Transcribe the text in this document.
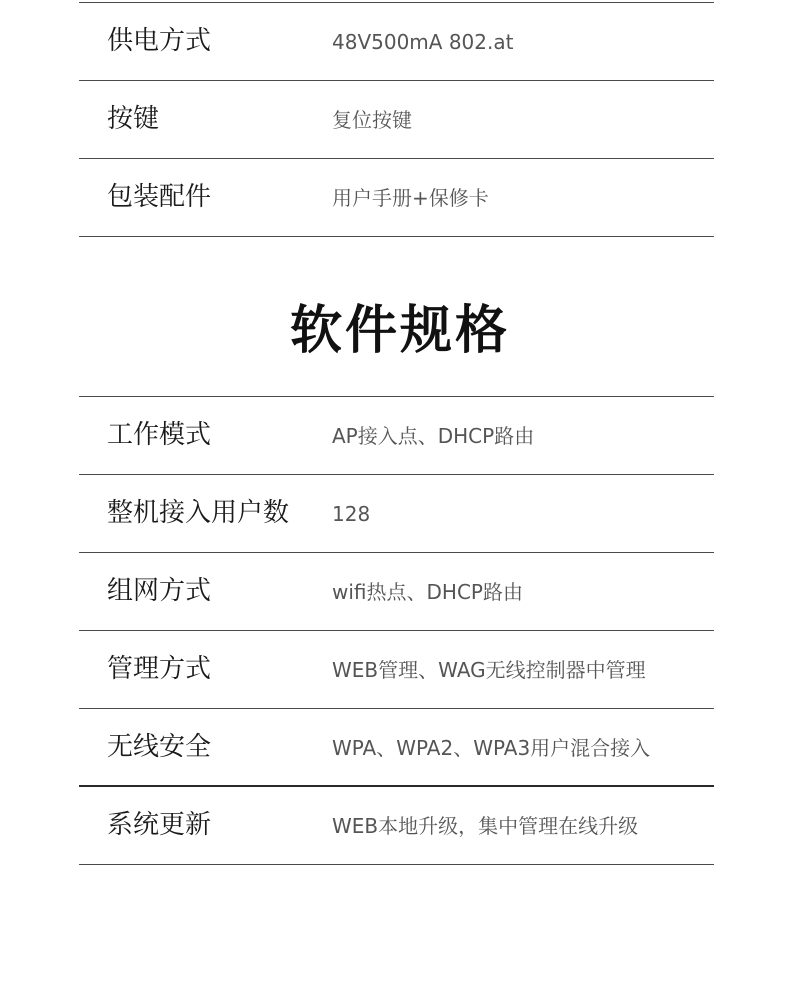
供电方式	48V500mA 802.at
按键	复位按键
包装配件	用户手册+保修卡
软件规格
工作模式	AP接入点、DHCP路由
整机接入用户数 128
组网方式	wifi热点、DHCP路由
管理方式	WEB管理、WAG无线控制器中管理
无线安全	WPA、WPA2、WPA3用户混合接入
系统更新	WEB本地升级，集中管理在线升级
